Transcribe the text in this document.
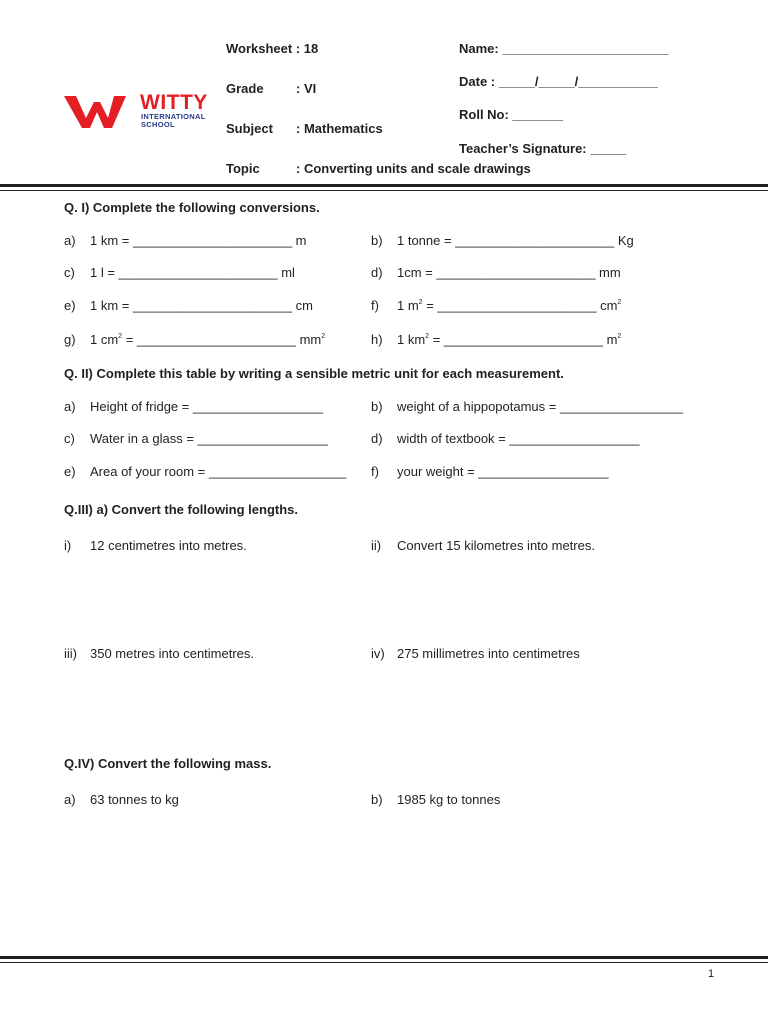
WITTY
INTERNATIONAL
SCHOOL
Worksheet : 18
Grade : VI
Subject : Mathematics
Topic	: Converting units and scale drawings
Name: _______________________
Date : _____/_____/___________
Roll No: _______
Teacher’s Signature: _____
Q. I) Complete the following conversions.
a) 1 km = ______________________ m	b) 1 tonne = ______________________ Kg
c) 1 l = ______________________ ml	d) 1cm = ______________________ mm
e) 1 km = ______________________ cm	f) 1 $m^2$ = ______________________ $cm^2$
g) 1 $cm^2$ = ______________________ $mm^2$	h) 1 $km^2$ = ______________________ $m^2$
Q. II) Complete this table by writing a sensible metric unit for each measurement.
a) Height of fridge = __________________	b) weight of a hippopotamus = _________________
c) Water in a glass = __________________	d) width of textbook = __________________
e) Area of your room = ___________________ f) your weight = __________________
Q.III) a) Convert the following lengths.
i) 12 centimetres into metres.	ii) Convert 15 kilometres into metres.
iii) 350 metres into centimetres.	iv) 275 millimetres into centimetres
Q.IV) Convert the following mass.
a) 63 tonnes to kg	b) 1985 kg to tonnes
1
